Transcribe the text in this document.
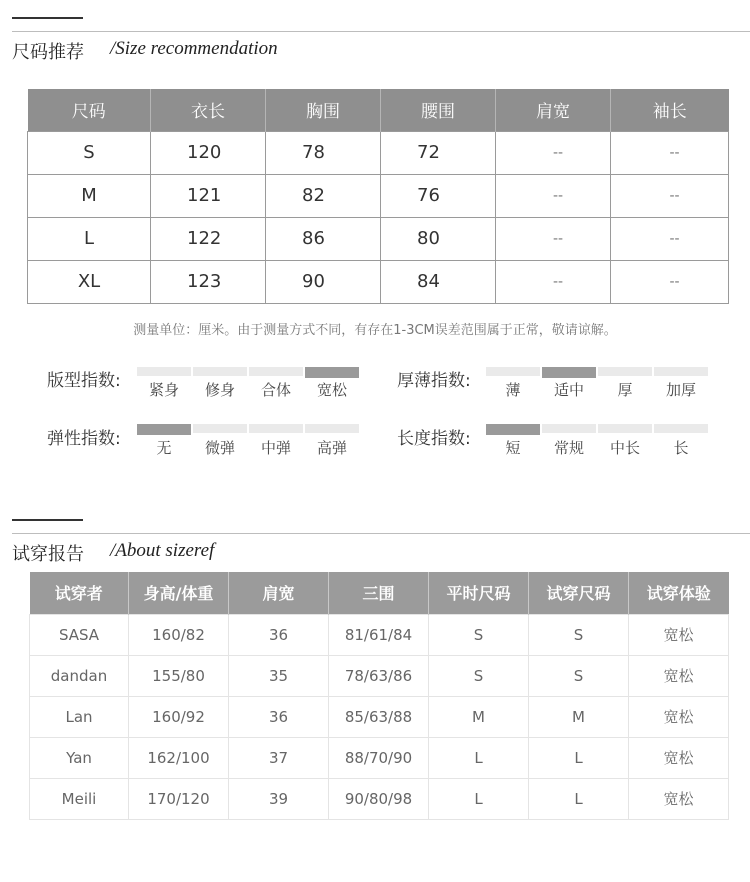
尺码推荐 /Size recommendation
尺码	衣长	胸围	腰围	肩宽	袖长
S	120	78	72	--	--
M	121	82	76	--	--
L	122	86	80	--	--
XL	123	90	84	--	--
测量单位：厘米。由于测量方式不同，有存在1-3CM误差范围属于正常，敬请谅解。
版型指数:	紧身	修身	合体	宽松	厚薄指数:	薄	适中	厚	加厚
弹性指数:	无	微弹	中弹	高弹	长度指数:	短	常规	中长	长
试穿报告 /About sizeref
试穿者	身高/体重	肩宽	三围	平时尺码	试穿尺码	试穿体验
SASA	160/82	36	81/61/84	S	S	宽松
dandan	155/80	35	78/63/86	S	S	宽松
Lan	160/92	36	85/63/88	M	M	宽松
Yan	162/100	37	88/70/90	L	L	宽松
Meili	170/120	39	90/80/98	L	L	宽松
